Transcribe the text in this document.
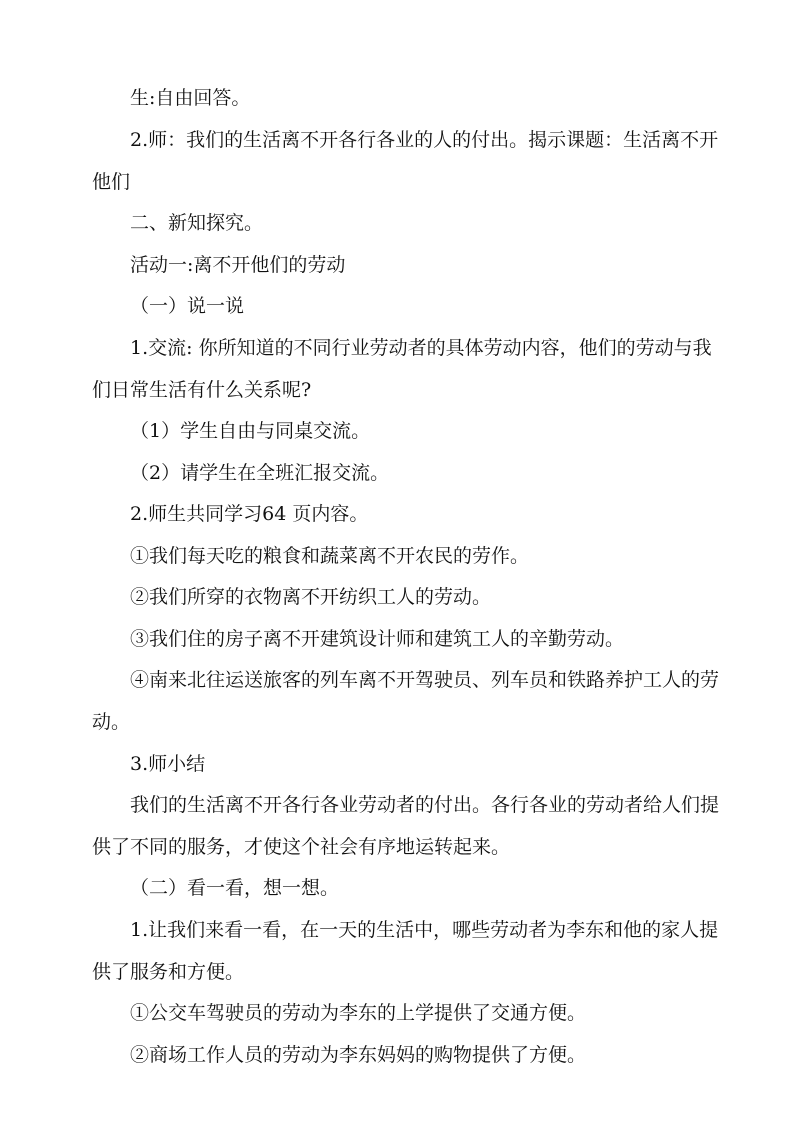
生:自由回答。
2.师：我们的生活离不开各行各业的人的付出。揭示课题：生活离不开
他们
二、新知探究。
活动一:离不开他们的劳动
（一）说一说
1.交流: 你所知道的不同行业劳动者的具体劳动内容，他们的劳动与我
们日常生活有什么关系呢?
（1）学生自由与同桌交流。
（2）请学生在全班汇报交流。
2.师生共同学习64 页内容。
①我们每天吃的粮食和蔬菜离不开农民的劳作。
②我们所穿的衣物离不开纺织工人的劳动。
③我们住的房子离不开建筑设计师和建筑工人的辛勤劳动。
④南来北往运送旅客的列车离不开驾驶员、列车员和铁路养护工人的劳
动。
3.师小结
我们的生活离不开各行各业劳动者的付出。各行各业的劳动者给人们提
供了不同的服务，才使这个社会有序地运转起来。
（二）看一看，想一想。
1.让我们来看一看，在一天的生活中，哪些劳动者为李东和他的家人提
供了服务和方便。
①公交车驾驶员的劳动为李东的上学提供了交通方便。
②商场工作人员的劳动为李东妈妈的购物提供了方便。
